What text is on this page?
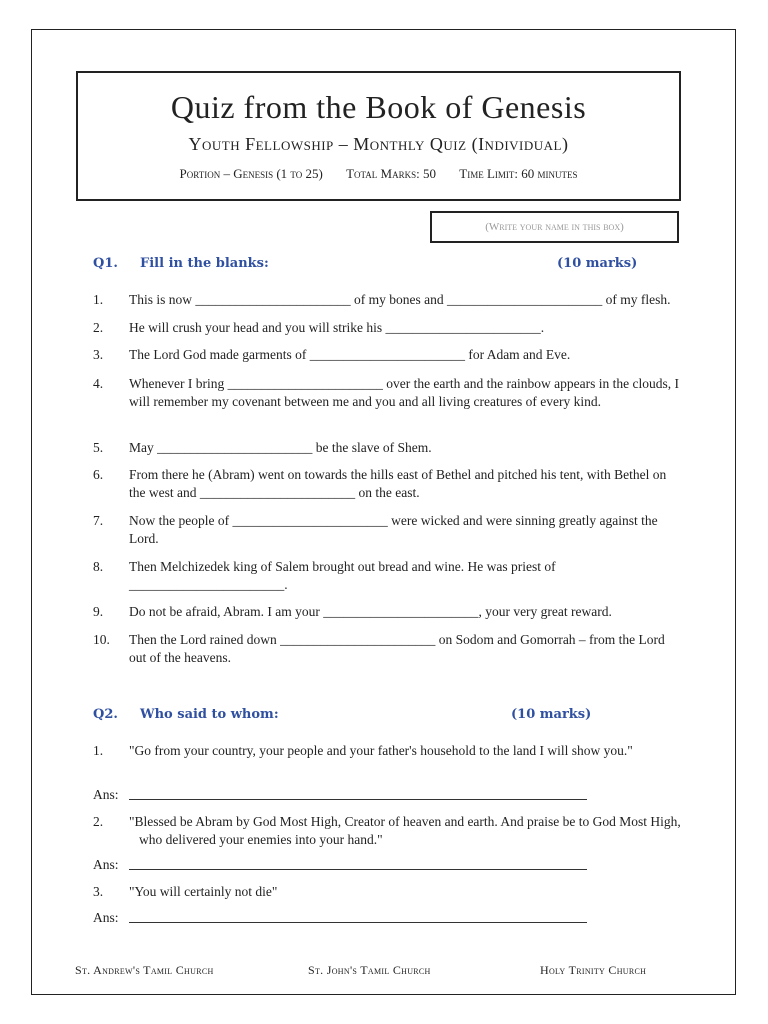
Quiz from the Book of Genesis
Youth Fellowship – Monthly Quiz (Individual)
Portion – Genesis (1 to 25) Total Marks: 50 Time Limit: 60 minutes
(Write your name in this box)
Q1. Fill in the blanks:	(10 marks)
1. This is now _______________________ of my bones and _______________________ of my flesh.
2. He will crush your head and you will strike his _______________________.
3. The Lord God made garments of _______________________ for Adam and Eve.
4. Whenever I bring _______________________ over the earth and the rainbow appears in the clouds, I will remember my covenant between me and you and all living creatures of every kind.
5. May _______________________ be the slave of Shem.
6. From there he (Abram) went on towards the hills east of Bethel and pitched his tent, with Bethel on the west and _______________________ on the east.
7. Now the people of _______________________ were wicked and were sinning greatly against the Lord.
8. Then Melchizedek king of Salem brought out bread and wine. He was priest of _______________________.
9. Do not be afraid, Abram. I am your _______________________, your very great reward.
10. Then the Lord rained down _______________________ on Sodom and Gomorrah – from the Lord out of the heavens.
Q2. Who said to whom:	(10 marks)
1. "Go from your country, your people and your father's household to the land I will show you."
Ans:
2. "Blessed be Abram by God Most High, Creator of heaven and earth. And praise be to God Most High, who delivered your enemies into your hand."
Ans:
3. "You will certainly not die"
Ans:
St. Andrew's Tamil Church	St. John's Tamil Church	Holy Trinity Church
